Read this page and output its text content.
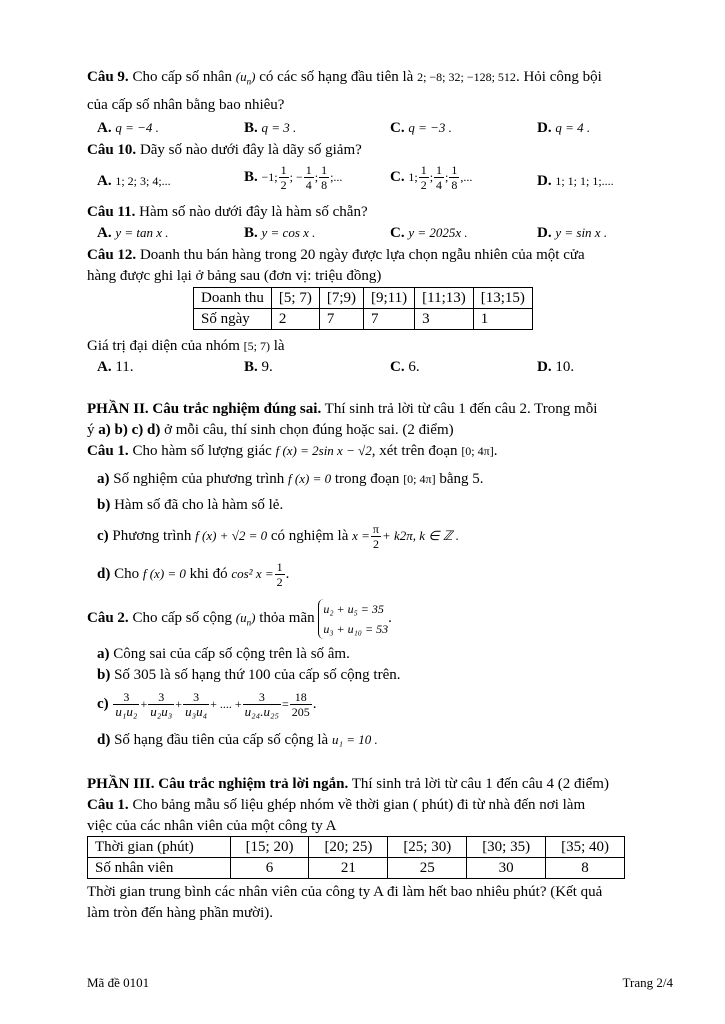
Câu 9. Cho cấp số nhân $(u_n)$ có các số hạng đầu tiên là 2; −8; 32; −128; 512. Hỏi công bội
của cấp số nhân bằng bao nhiêu?
A. q = −4 .	B. q = 3 .	C. q = −3 .	D. q = 4 .
Câu 10. Dãy số nào dưới đây là dãy số giảm?
A. 1; 2; 3; 4;...	B. −1; $\frac{1}{2}$ ; − $\frac{1}{4}$ ; $\frac{1}{8}$ ;...	C. 1; $\frac{1}{2}$ ; $\frac{1}{4}$ ; $\frac{1}{8}$ ,...	D. 1; 1; 1; 1;....
Câu 11. Hàm số nào dưới đây là hàm số chẵn?
A. y = tan x .	B. y = cos x .	C. y = 2025x .	D. y = sin x .
Câu 12. Doanh thu bán hàng trong 20 ngày được lựa chọn ngẫu nhiên của một cửa
hàng được ghi lại ở bảng sau (đơn vị: triệu đồng)
Doanh thu	[5; 7)	[7;9)	[9;11)	[11;13)	[13;15)
Số ngày	2	7	7	3	1
Giá trị đại diện của nhóm [5; 7) là
A. 11.	B. 9.	C. 6.	D. 10.
PHẦN II. Câu trắc nghiệm đúng sai. Thí sinh trả lời từ câu 1 đến câu 2. Trong mỗi
ý a) b) c) d) ở mỗi câu, thí sinh chọn đúng hoặc sai. (2 điểm)
Câu 1. Cho hàm số lượng giác f (x) = 2sin x − √2, xét trên đoạn [0; 4π].
a) Số nghiệm của phương trình f (x) = 0 trong đoạn [0; 4π] bằng 5.
b) Hàm số đã cho là hàm số lẻ.
c) Phương trình f (x) + √2 = 0 có nghiệm là $x = \frac{\pi}{2} + k2\pi$, k ∈ ℤ .
d) Cho f (x) = 0 khi đó cos² $x = \frac{1}{2}$ .
Câu 2. Cho cấp số cộng $(u_n)$ thỏa mãn
u₂ + u₅ = 35
u₃ + u₁₀ = 53
.
a) Công sai của cấp số cộng trên là số âm.
b) Số 305 là số hạng thứ 100 của cấp số cộng trên.
$c) \frac{3}{\text{u₁u₂}} + \frac{3}{\text{u₂u₃}} + \frac{3}{\text{u₃u₄}}$ + .... + $\frac{3}{\text{u₂₄.u₂₅}} = \frac{18}{205}$ .
d) Số hạng đầu tiên của cấp số cộng là u₁ = 10 .
PHẦN III. Câu trắc nghiệm trả lời ngắn. Thí sinh trả lời từ câu 1 đến câu 4 (2 điểm)
Câu 1. Cho bảng mẫu số liệu ghép nhóm về thời gian ( phút) đi từ nhà đến nơi làm
việc của các nhân viên của một công ty A
Thời gian (phút)	[15; 20)	[20; 25)	[25; 30)	[30; 35)	[35; 40)
Số nhân viên	6	21	25	30	8
Thời gian trung bình các nhân viên của công ty A đi làm hết bao nhiêu phút? (Kết quả
làm tròn đến hàng phần mười).
Mã đề 0101	Trang 2/4
